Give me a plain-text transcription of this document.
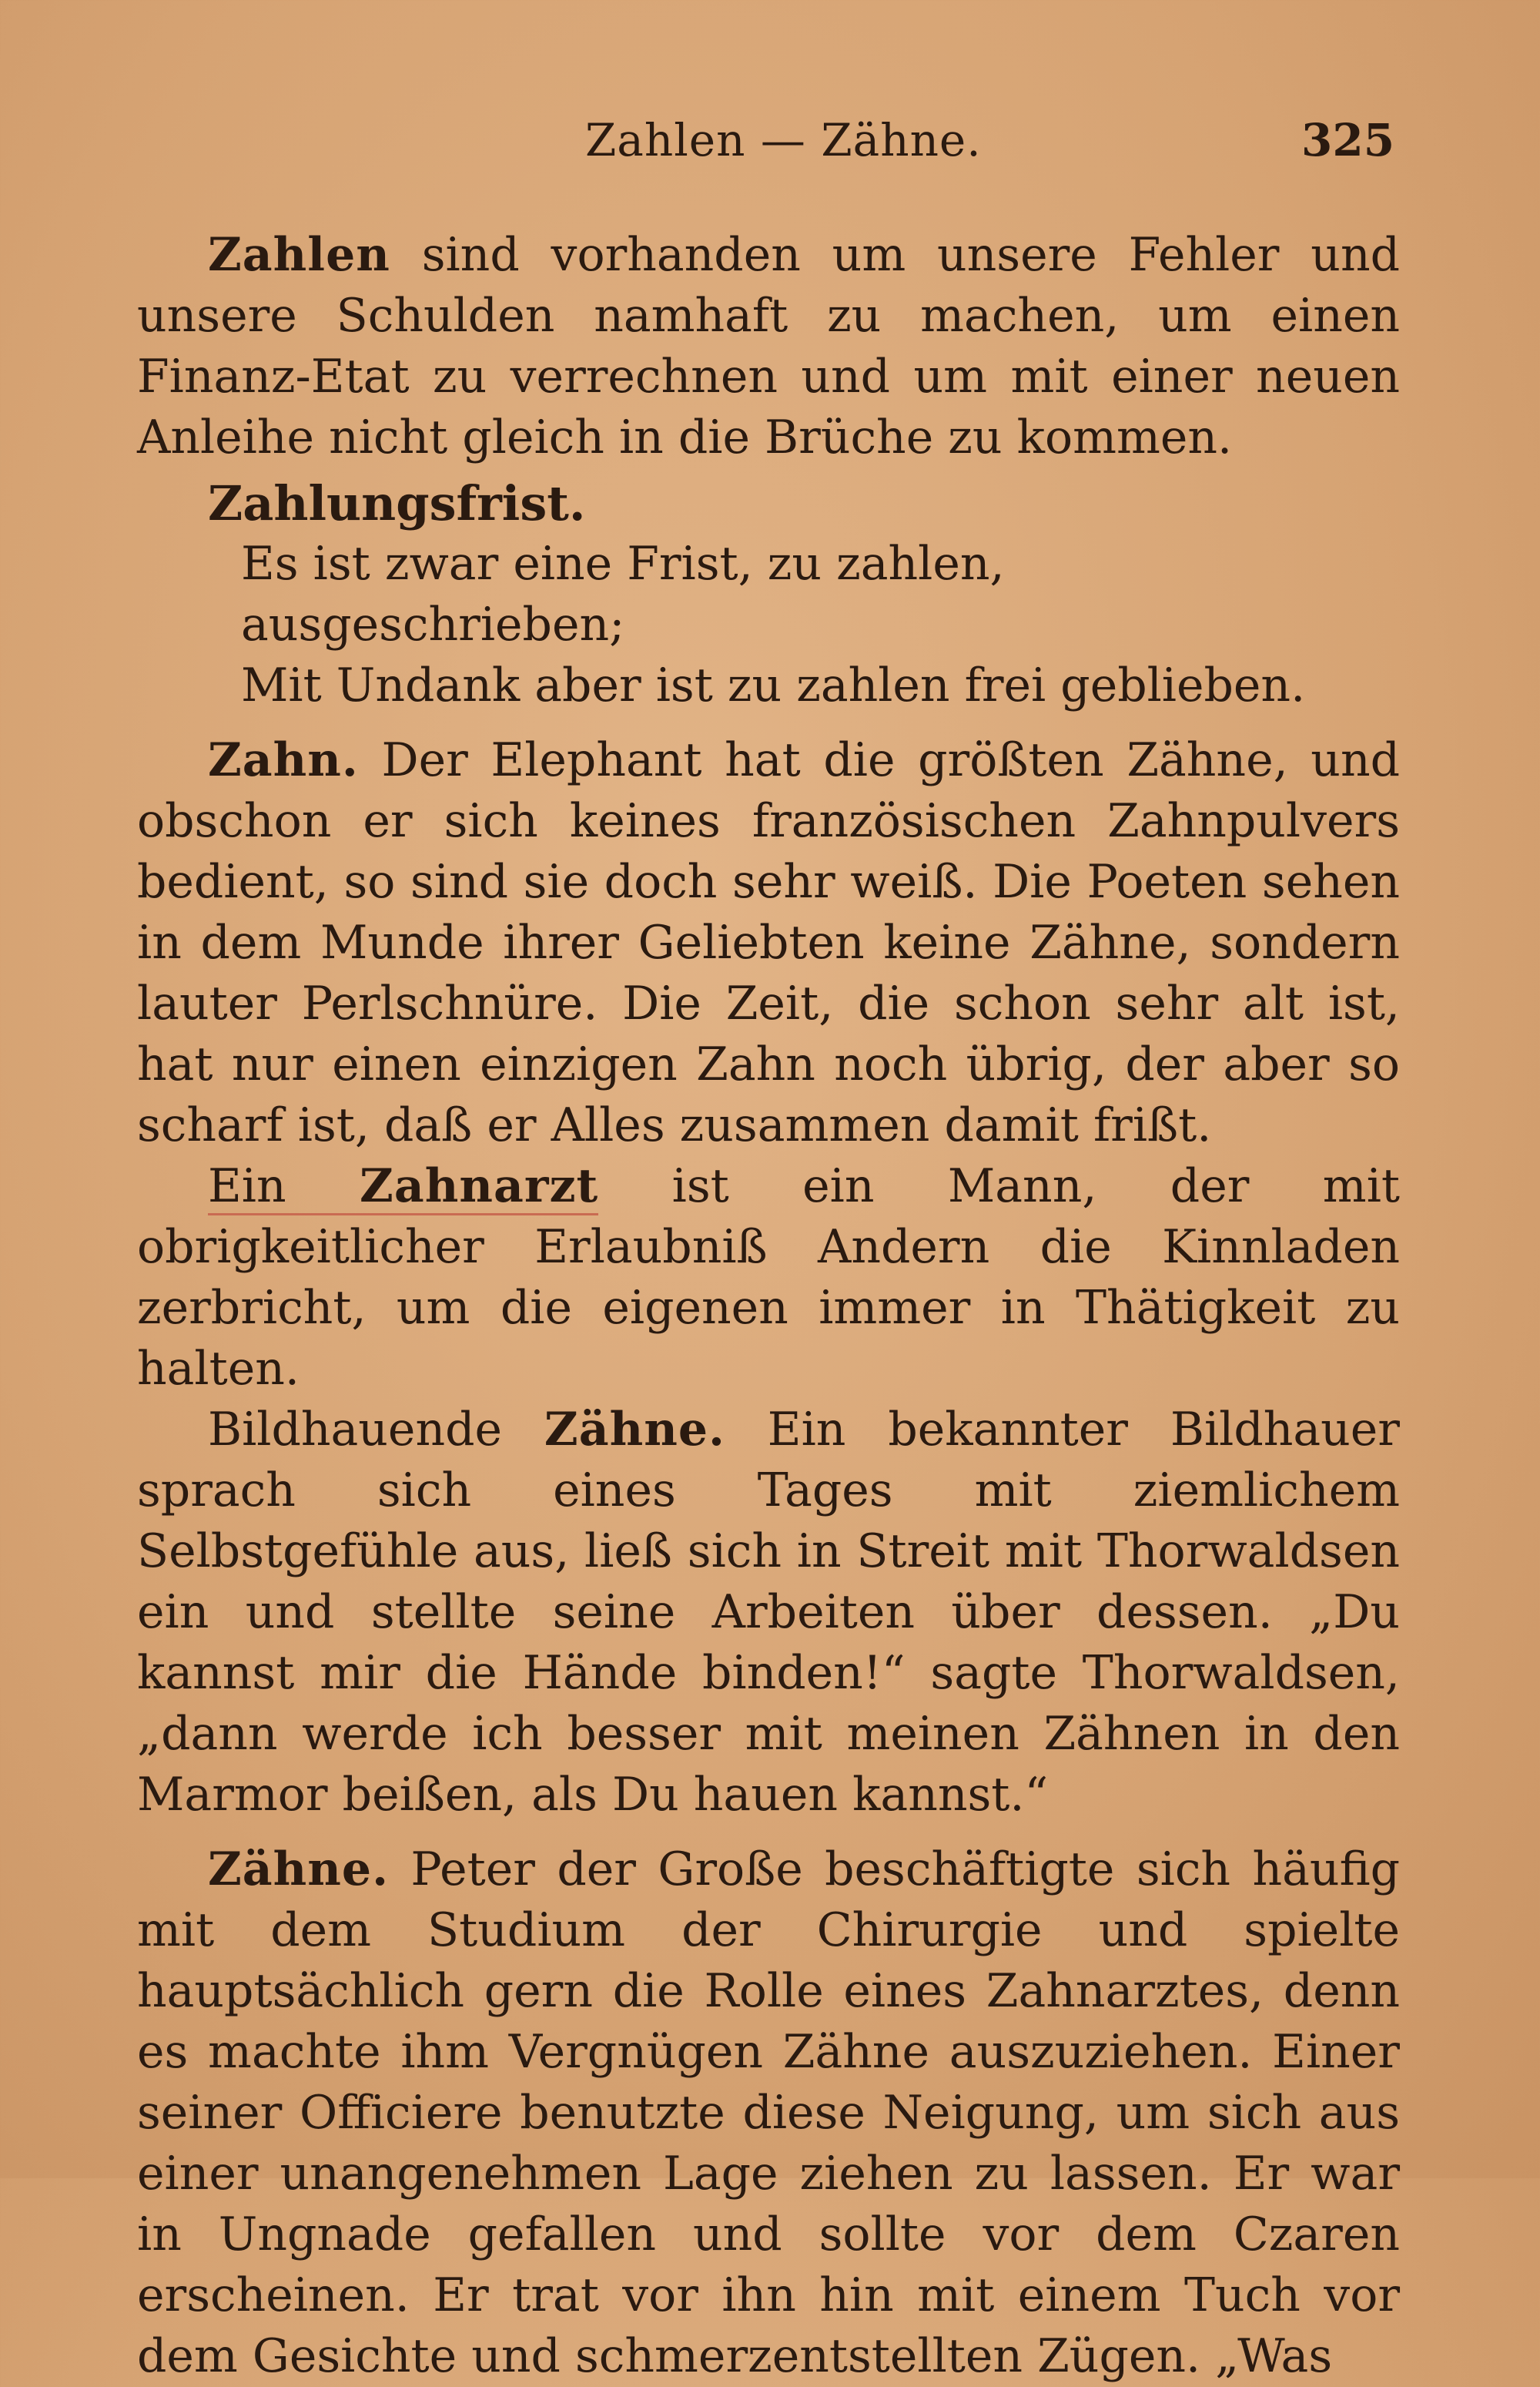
Zahlen — Zähne.	325

Zahlen sind vorhanden um unsere Fehler und unsere Schulden namhaft zu machen, um einen Finanz-Etat zu verrechnen und um mit einer neuen Anleihe nicht gleich in die Brüche zu kommen.

Zahlungsfrist.

Es ist zwar eine Frist, zu zahlen, ausgeschrieben;

Mit Undank aber ist zu zahlen frei geblieben.

Zahn. Der Elephant hat die größten Zähne, und obschon er sich keines französischen Zahnpulvers bedient, so sind sie doch sehr weiß. Die Poeten sehen in dem Munde ihrer Geliebten keine Zähne, sondern lauter Perlschnüre. Die Zeit, die schon sehr alt ist, hat nur einen einzigen Zahn noch übrig, der aber so scharf ist, daß er Alles zusammen damit frißt.

Ein Zahnarzt ist ein Mann, der mit obrigkeitlicher Erlaubniß Andern die Kinnladen zerbricht, um die eigenen immer in Thätigkeit zu halten.

Bildhauende Zähne. Ein bekannter Bildhauer sprach sich eines Tages mit ziemlichem Selbstgefühle aus, ließ sich in Streit mit Thorwaldsen ein und stellte seine Arbeiten über dessen. „Du kannst mir die Hände binden!“ sagte Thorwaldsen, „dann werde ich besser mit meinen Zähnen in den Marmor beißen, als Du hauen kannst.“

Zähne. Peter der Große beschäftigte sich häufig mit dem Studium der Chirurgie und spielte hauptsächlich gern die Rolle eines Zahnarztes, denn es machte ihm Vergnügen Zähne auszuziehen. Einer seiner Officiere benutzte diese Neigung, um sich aus einer unangenehmen Lage ziehen zu lassen. Er war in Ungnade gefallen und sollte vor dem Czaren erscheinen. Er trat vor ihn hin mit einem Tuch vor dem Gesichte und schmerzentstellten Zügen. „Was
